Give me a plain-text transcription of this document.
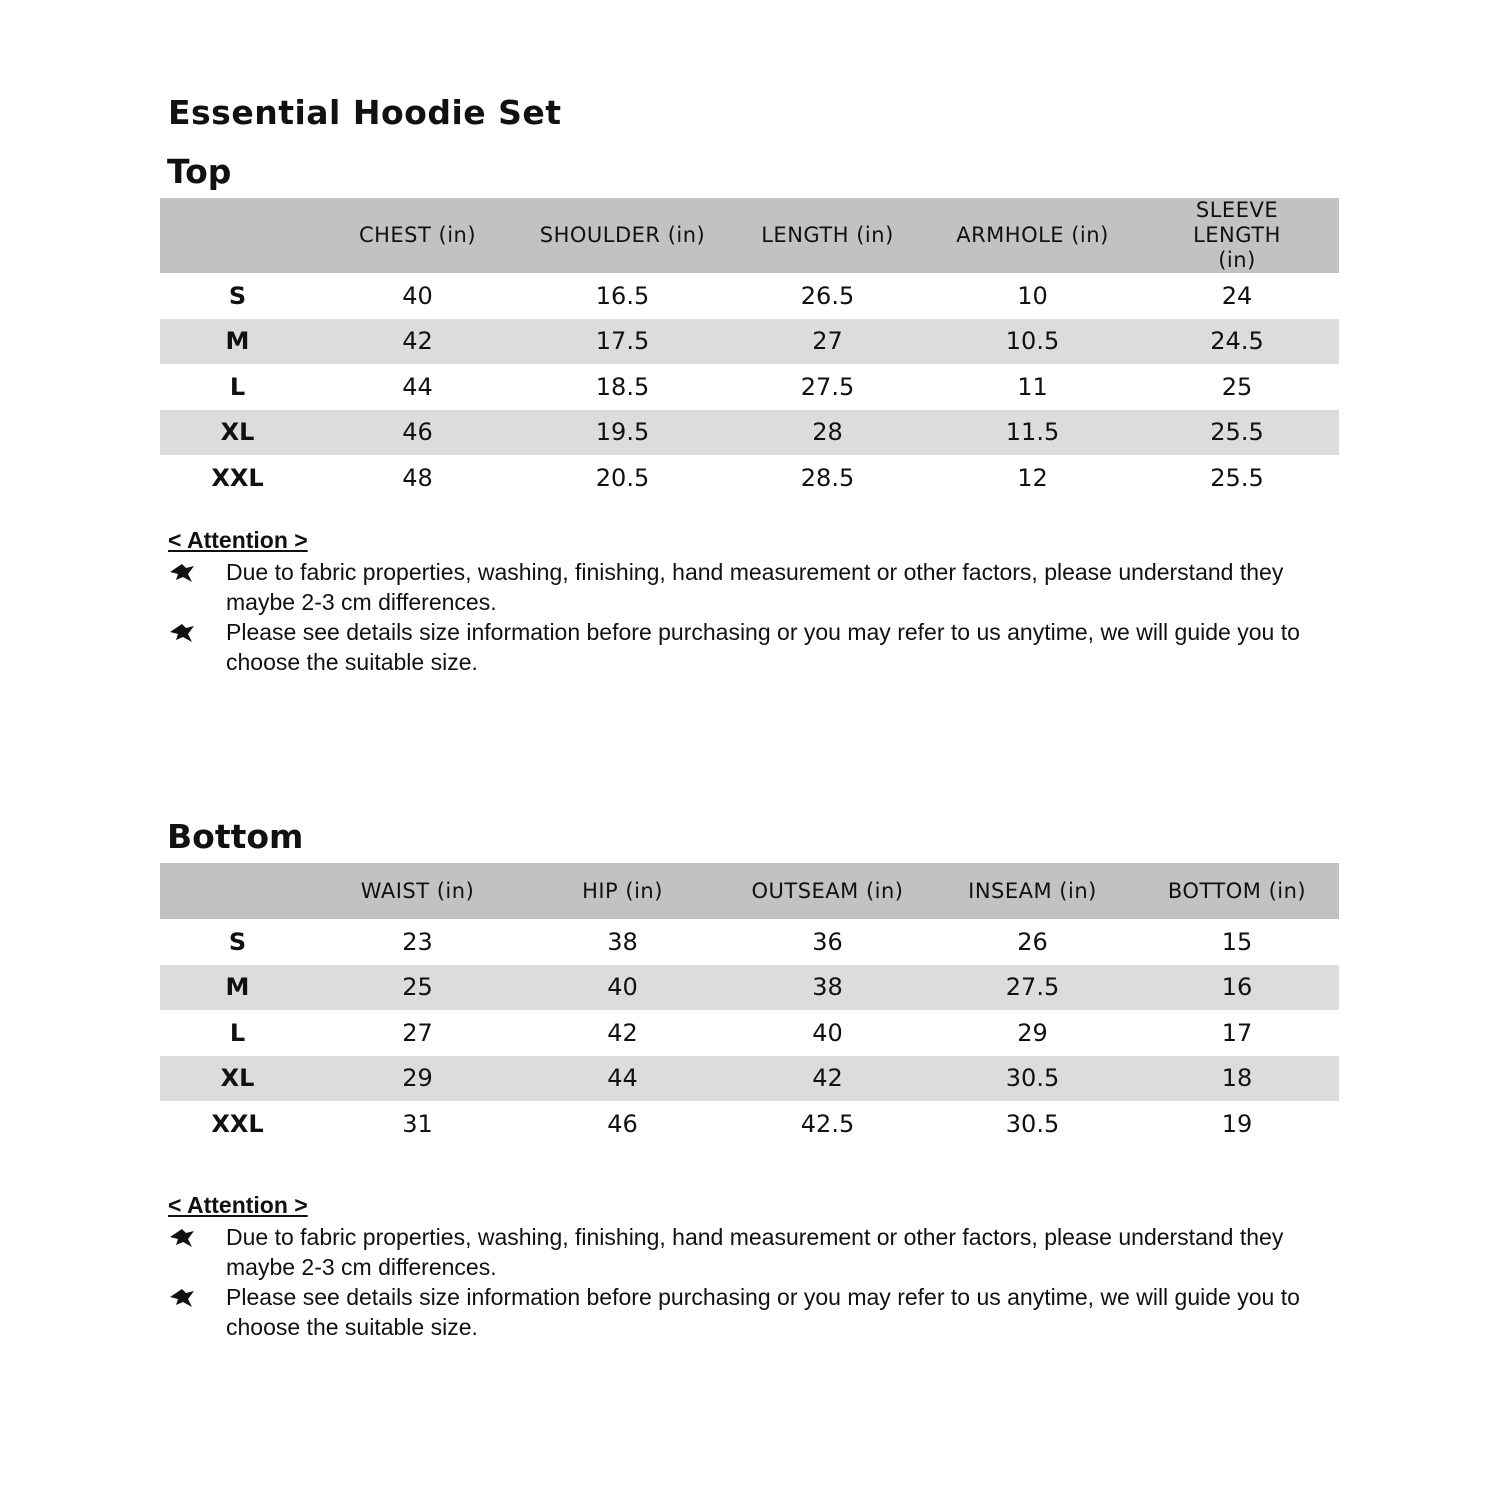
Essential Hoodie Set
Top
	CHEST (in)	SHOULDER (in)	LENGTH (in)	ARMHOLE (in)	SLEEVE LENGTH (in)
S	40	16.5	26.5	10	24
M	42	17.5	27	10.5	24.5
L	44	18.5	27.5	11	25
XL	46	19.5	28	11.5	25.5
XXL	48	20.5	28.5	12	25.5
< Attention >
Due to fabric properties, washing, finishing, hand measurement or other factors, please understand they maybe 2-3 cm differences.
Please see details size information before purchasing or you may refer to us anytime, we will guide you to choose the suitable size.
Bottom
	WAIST (in)	HIP (in)	OUTSEAM (in)	INSEAM (in)	BOTTOM (in)
S	23	38	36	26	15
M	25	40	38	27.5	16
L	27	42	40	29	17
XL	29	44	42	30.5	18
XXL	31	46	42.5	30.5	19
< Attention >
Due to fabric properties, washing, finishing, hand measurement or other factors, please understand they maybe 2-3 cm differences.
Please see details size information before purchasing or you may refer to us anytime, we will guide you to choose the suitable size.
